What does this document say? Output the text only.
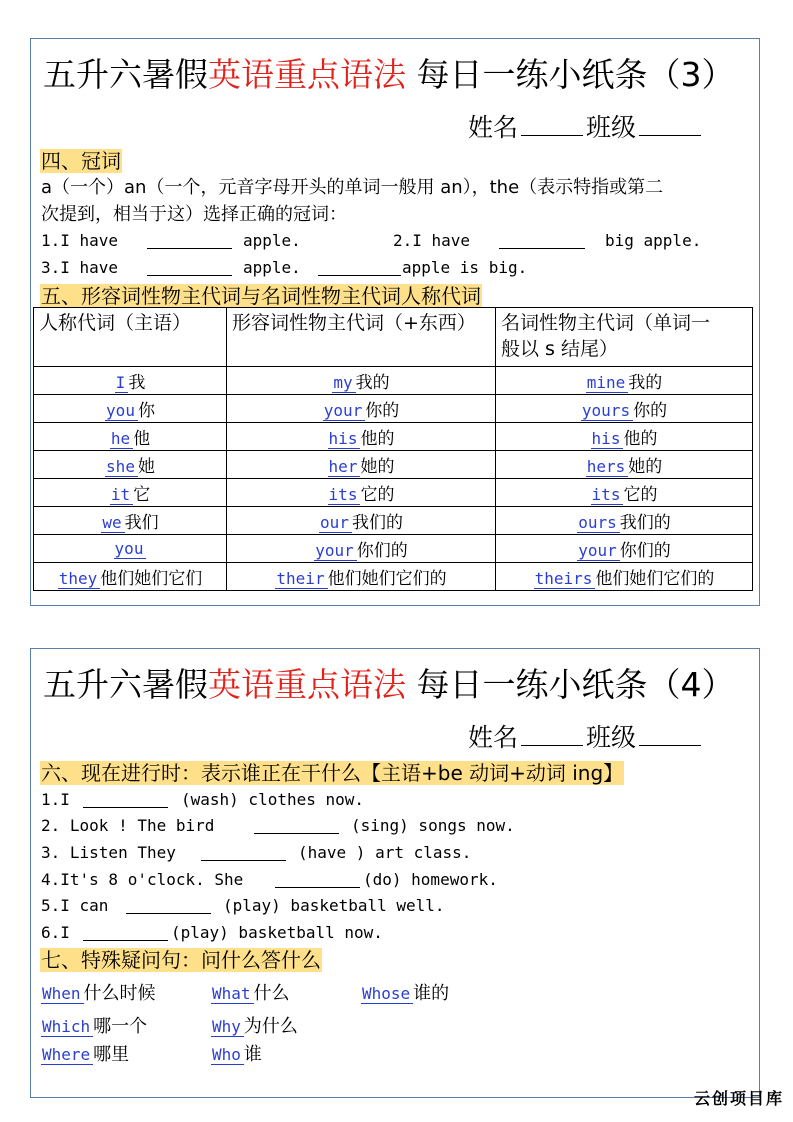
五升六暑假英语重点语法 每日一练小纸条（3）
姓名	班级
四、冠词
a（一个）an（一个，元音字母开头的单词一般用 an），the（表示特指或第二
次提到，相当于这）选择正确的冠词：
1.I have	apple.	2.I have	big apple.
3.I have	apple.	apple is big.
五、形容词性物主代词与名词性物主代词人称代词
人称代词（主语）	形容词性物主代词（+东西）	名词性物主代词（单词一
般以 s 结尾）

I 我	my 我的	mine 我的
you 你	your 你的	yours 你的
he 他	his 他的	his 他的
she 她	her 她的	hers 她的
it 它	its 它的	its 它的
we 我们	our 我们的	ours 我们的
you	your 你们的	your 你们的
they 他们她们它们	their 他们她们它们的	theirs 他们她们它们的
五升六暑假英语重点语法 每日一练小纸条（4）
姓名	班级
六、现在进行时：表示谁正在干什么【主语+be 动词+动词 ing】
1.I	(wash) clothes now.
2. Look ! The bird	(sing) songs now.
3. Listen They	(have ) art class.
4.It's 8 o'clock. She	(do) homework.
5.I can	(play) basketball well.
6.I	(play) basketball now.
七、特殊疑问句：问什么答什么
When 什么时候	What 什么	Whose 谁的
Which 哪一个	Why 为什么
Where 哪里	Who 谁
云创项目库
